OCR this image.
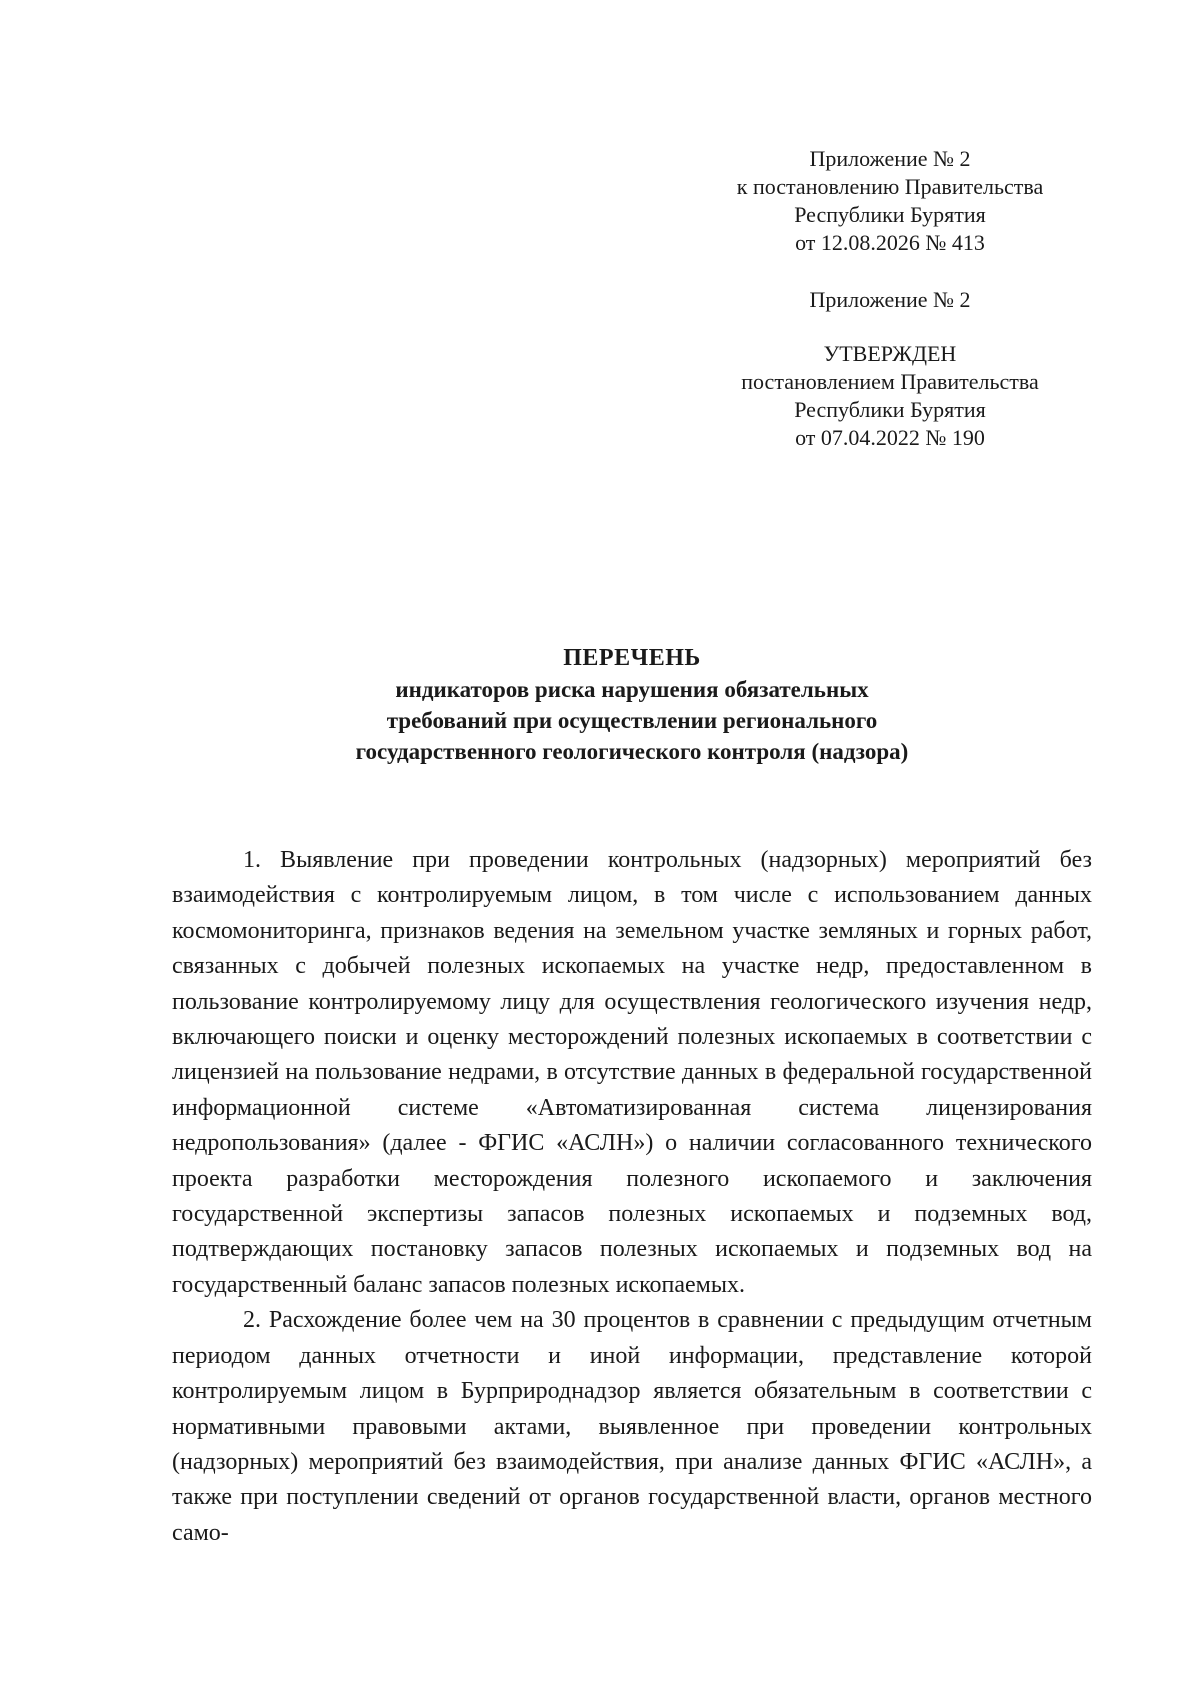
Приложение № 2
к постановлению Правительства
Республики Бурятия
от 12.08.2026 № 413
Приложение № 2
УТВЕРЖДЕН
постановлением Правительства
Республики Бурятия
от 07.04.2022 № 190
ПЕРЕЧЕНЬ
индикаторов риска нарушения обязательных
требований при осуществлении регионального
государственного геологического контроля (надзора)

1. Выявление при проведении контрольных (надзорных) мероприятий без взаимодействия с контролируемым лицом, в том числе с использованием данных космомониторинга, признаков ведения на земельном участке земляных и горных работ, связанных с добычей полезных ископаемых на участке недр, предоставленном в пользование контролируемому лицу для осуществления геологического изучения недр, включающего поиски и оценку месторождений полезных ископаемых в соответствии с лицензией на пользование недрами, в отсутствие данных в федеральной государственной информационной системе «Автоматизированная система лицензирования недропользования» (далее - ФГИС «АСЛН») о наличии согласованного технического проекта разработки месторождения полезного ископаемого и заключения государственной экспертизы запасов полезных ископаемых и подземных вод, подтверждающих постановку запасов полезных ископаемых и подземных вод на государственный баланс запасов полезных ископаемых.

2. Расхождение более чем на 30 процентов в сравнении с предыдущим отчетным периодом данных отчетности и иной информации, представление которой контролируемым лицом в Бурприроднадзор является обязательным в соответствии с нормативными правовыми актами, выявленное при проведении контрольных (надзорных) мероприятий без взаимодействия, при анализе данных ФГИС «АСЛН», а также при поступлении сведений от органов государственной власти, органов местного само-
